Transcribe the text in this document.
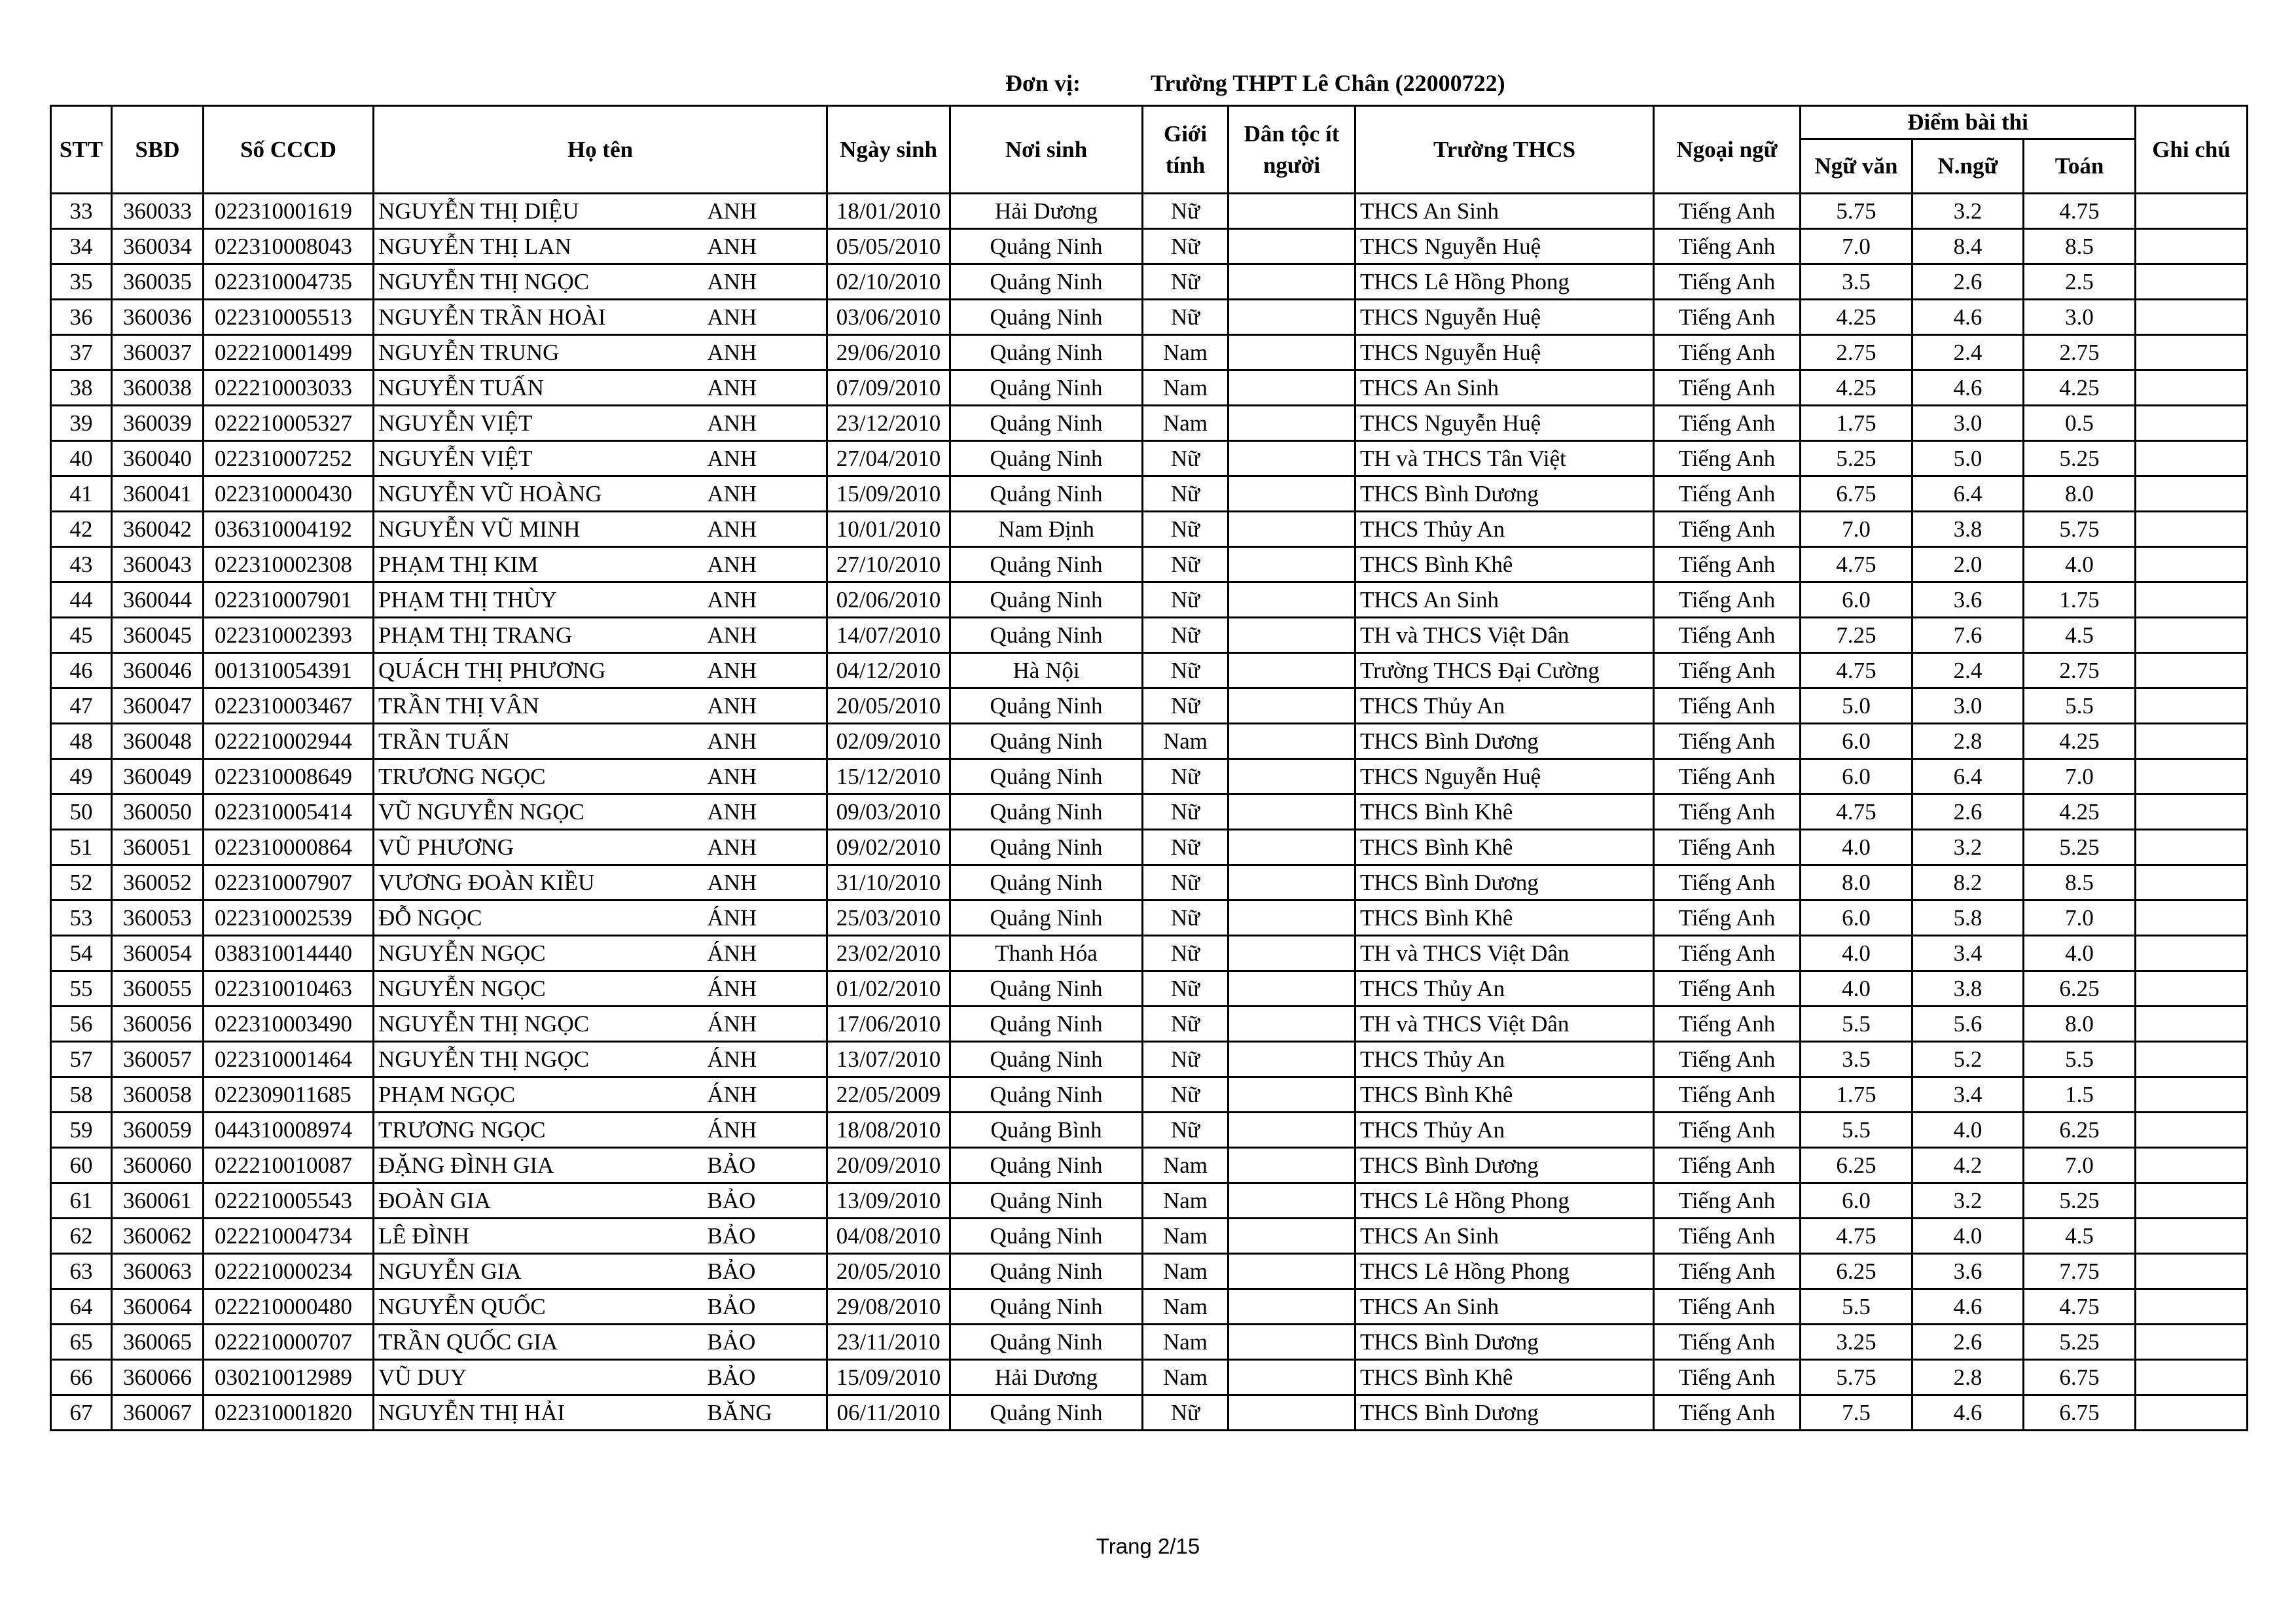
Đơn vị:	Trường THPT Lê Chân (22000722)
STT	SBD	Số CCCD	Họ tên		Ngày sinh	Nơi sinh	Giới tính	Dân tộc ít người	Trường THCS	Ngoại ngữ	Điểm bài thi			Ghi chú
											Ngữ văn	N.ngữ	Toán	
33	360033	022310001619	NGUYỄN THỊ DIỆU	ANH	18/01/2010	Hải Dương	Nữ		THCS An Sinh	Tiếng Anh	5.75	3.2	4.75	
34	360034	022310008043	NGUYỄN THỊ LAN	ANH	05/05/2010	Quảng Ninh	Nữ		THCS Nguyễn Huệ	Tiếng Anh	7.0	8.4	8.5	
35	360035	022310004735	NGUYỄN THỊ NGỌC	ANH	02/10/2010	Quảng Ninh	Nữ		THCS Lê Hồng Phong	Tiếng Anh	3.5	2.6	2.5	
36	360036	022310005513	NGUYỄN TRẦN HOÀI	ANH	03/06/2010	Quảng Ninh	Nữ		THCS Nguyễn Huệ	Tiếng Anh	4.25	4.6	3.0	
37	360037	022210001499	NGUYỄN TRUNG	ANH	29/06/2010	Quảng Ninh	Nam		THCS Nguyễn Huệ	Tiếng Anh	2.75	2.4	2.75	
38	360038	022210003033	NGUYỄN TUẤN	ANH	07/09/2010	Quảng Ninh	Nam		THCS An Sinh	Tiếng Anh	4.25	4.6	4.25	
39	360039	022210005327	NGUYỄN VIỆT	ANH	23/12/2010	Quảng Ninh	Nam		THCS Nguyễn Huệ	Tiếng Anh	1.75	3.0	0.5	
40	360040	022310007252	NGUYỄN VIỆT	ANH	27/04/2010	Quảng Ninh	Nữ		TH và THCS Tân Việt	Tiếng Anh	5.25	5.0	5.25	
41	360041	022310000430	NGUYỄN VŨ HOÀNG	ANH	15/09/2010	Quảng Ninh	Nữ		THCS Bình Dương	Tiếng Anh	6.75	6.4	8.0	
42	360042	036310004192	NGUYỄN VŨ MINH	ANH	10/01/2010	Nam Định	Nữ		THCS Thủy An	Tiếng Anh	7.0	3.8	5.75	
43	360043	022310002308	PHẠM THỊ KIM	ANH	27/10/2010	Quảng Ninh	Nữ		THCS Bình Khê	Tiếng Anh	4.75	2.0	4.0	
44	360044	022310007901	PHẠM THỊ THÙY	ANH	02/06/2010	Quảng Ninh	Nữ		THCS An Sinh	Tiếng Anh	6.0	3.6	1.75	
45	360045	022310002393	PHẠM THỊ TRANG	ANH	14/07/2010	Quảng Ninh	Nữ		TH và THCS Việt Dân	Tiếng Anh	7.25	7.6	4.5	
46	360046	001310054391	QUÁCH THỊ PHƯƠNG	ANH	04/12/2010	Hà Nội	Nữ		Trường THCS Đại Cường	Tiếng Anh	4.75	2.4	2.75	
47	360047	022310003467	TRẦN THỊ VÂN	ANH	20/05/2010	Quảng Ninh	Nữ		THCS Thủy An	Tiếng Anh	5.0	3.0	5.5	
48	360048	022210002944	TRẦN TUẤN	ANH	02/09/2010	Quảng Ninh	Nam		THCS Bình Dương	Tiếng Anh	6.0	2.8	4.25	
49	360049	022310008649	TRƯƠNG NGỌC	ANH	15/12/2010	Quảng Ninh	Nữ		THCS Nguyễn Huệ	Tiếng Anh	6.0	6.4	7.0	
50	360050	022310005414	VŨ NGUYỄN NGỌC	ANH	09/03/2010	Quảng Ninh	Nữ		THCS Bình Khê	Tiếng Anh	4.75	2.6	4.25	
51	360051	022310000864	VŨ PHƯƠNG	ANH	09/02/2010	Quảng Ninh	Nữ		THCS Bình Khê	Tiếng Anh	4.0	3.2	5.25	
52	360052	022310007907	VƯƠNG ĐOÀN KIỀU	ANH	31/10/2010	Quảng Ninh	Nữ		THCS Bình Dương	Tiếng Anh	8.0	8.2	8.5	
53	360053	022310002539	ĐỖ NGỌC	ÁNH	25/03/2010	Quảng Ninh	Nữ		THCS Bình Khê	Tiếng Anh	6.0	5.8	7.0	
54	360054	038310014440	NGUYỄN NGỌC	ÁNH	23/02/2010	Thanh Hóa	Nữ		TH và THCS Việt Dân	Tiếng Anh	4.0	3.4	4.0	
55	360055	022310010463	NGUYỄN NGỌC	ÁNH	01/02/2010	Quảng Ninh	Nữ		THCS Thủy An	Tiếng Anh	4.0	3.8	6.25	
56	360056	022310003490	NGUYỄN THỊ NGỌC	ÁNH	17/06/2010	Quảng Ninh	Nữ		TH và THCS Việt Dân	Tiếng Anh	5.5	5.6	8.0	
57	360057	022310001464	NGUYỄN THỊ NGỌC	ÁNH	13/07/2010	Quảng Ninh	Nữ		THCS Thủy An	Tiếng Anh	3.5	5.2	5.5	
58	360058	022309011685	PHẠM NGỌC	ÁNH	22/05/2009	Quảng Ninh	Nữ		THCS Bình Khê	Tiếng Anh	1.75	3.4	1.5	
59	360059	044310008974	TRƯƠNG NGỌC	ÁNH	18/08/2010	Quảng Bình	Nữ		THCS Thủy An	Tiếng Anh	5.5	4.0	6.25	
60	360060	022210010087	ĐẶNG ĐÌNH GIA	BẢO	20/09/2010	Quảng Ninh	Nam		THCS Bình Dương	Tiếng Anh	6.25	4.2	7.0	
61	360061	022210005543	ĐOÀN GIA	BẢO	13/09/2010	Quảng Ninh	Nam		THCS Lê Hồng Phong	Tiếng Anh	6.0	3.2	5.25	
62	360062	022210004734	LÊ ĐÌNH	BẢO	04/08/2010	Quảng Ninh	Nam		THCS An Sinh	Tiếng Anh	4.75	4.0	4.5	
63	360063	022210000234	NGUYỄN GIA	BẢO	20/05/2010	Quảng Ninh	Nam		THCS Lê Hồng Phong	Tiếng Anh	6.25	3.6	7.75	
64	360064	022210000480	NGUYỄN QUỐC	BẢO	29/08/2010	Quảng Ninh	Nam		THCS An Sinh	Tiếng Anh	5.5	4.6	4.75	
65	360065	022210000707	TRẦN QUỐC GIA	BẢO	23/11/2010	Quảng Ninh	Nam		THCS Bình Dương	Tiếng Anh	3.25	2.6	5.25	
66	360066	030210012989	VŨ DUY	BẢO	15/09/2010	Hải Dương	Nam		THCS Bình Khê	Tiếng Anh	5.75	2.8	6.75	
67	360067	022310001820	NGUYỄN THỊ HẢI	BĂNG	06/11/2010	Quảng Ninh	Nữ		THCS Bình Dương	Tiếng Anh	7.5	4.6	6.75	
Trang 2/15
